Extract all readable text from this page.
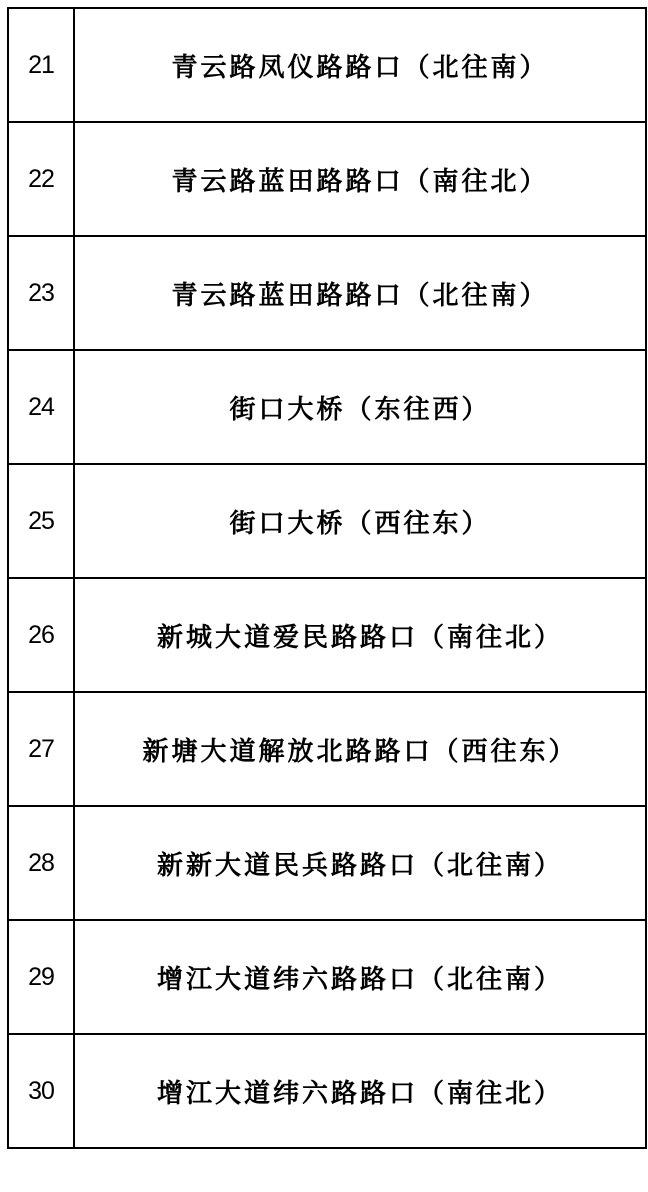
21	青云路凤仪路路口（北往南）
22	青云路蓝田路路口（南往北）
23	青云路蓝田路路口（北往南）
24	街口大桥（东往西）
25	街口大桥（西往东）
26	新城大道爱民路路口（南往北）
27	新塘大道解放北路路口（西往东）
28	新新大道民兵路路口（北往南）
29	增江大道纬六路路口（北往南）
30	增江大道纬六路路口（南往北）
